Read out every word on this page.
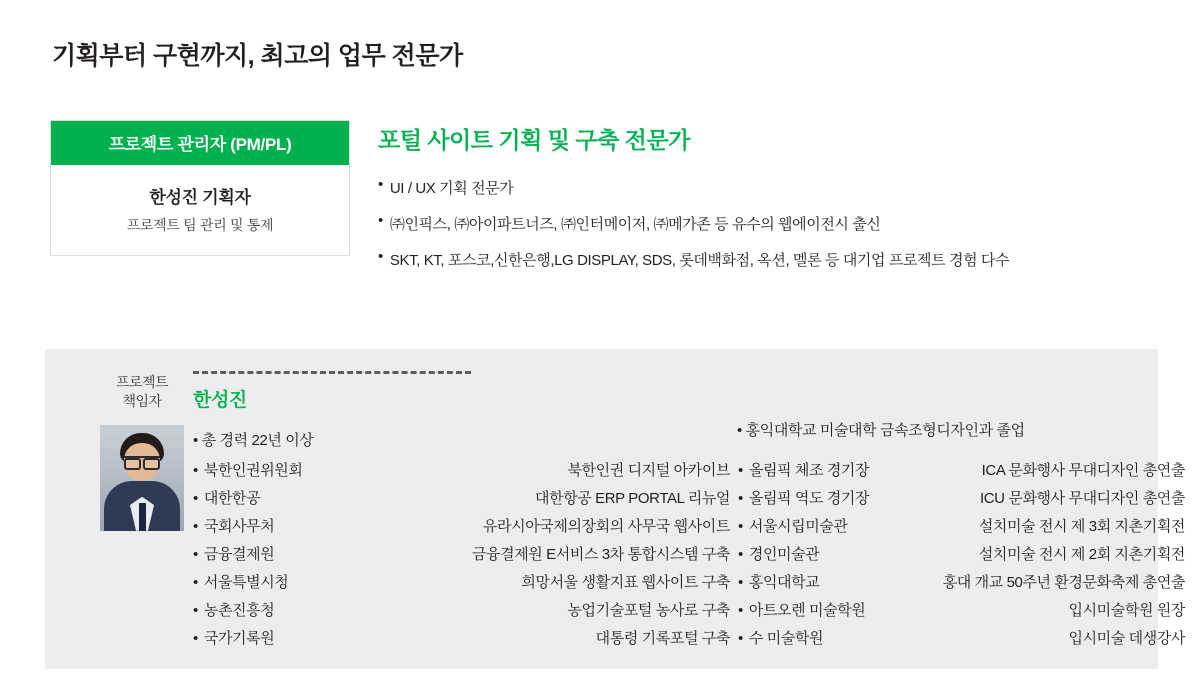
기획부터 구현까지, 최고의 업무 전문가
프로젝트 관리자 (PM/PL)
한성진 기획자
프로젝트 팀 관리 및 통제
포털 사이트 기획 및 구축 전문가
• UI / UX 기획 전문가
• ㈜인픽스, ㈜아이파트너즈, ㈜인터메이저, ㈜메가존 등 유수의 웹에이전시 출신
• SKT, KT, 포스코,신한은행,LG DISPLAY, SDS, 롯데백화점, 옥션, 멜론 등 대기업 프로젝트 경험 다수
프로젝트
책임자	한성진
• 총 경력 22년 이상
• 북한인권위원회
• 대한한공
• 국회사무처
• 금융결제원
• 서울특별시청
• 농촌진흥청
• 국가기록원
북한인권 디지털 아카이브
대한항공 ERP PORTAL 리뉴얼
유라시아국제의장회의 사무국 웹사이트
금융결제원 E서비스 3차 통합시스템 구축
희망서울 생활지표 웹사이트 구축
농업기술포털 농사로 구축
대통령 기록포털 구축
• 올림픽 체조 경기장
• 올림픽 역도 경기장
• 서울시립미술관
• 경인미술관
• 홍익대학교
• 아트오렌 미술학원
• 수 미술학원
ICA 문화행사 무대디자인 총연출
ICU 문화행사 무대디자인 총연출
설치미술 전시 제 3회 지촌기획전
설치미술 전시 제 2회 지촌기획전
홍대 개교 50주년 환경문화축제 총연출
입시미술학원 원장
입시미술 데생강사
• 홍익대학교 미술대학 금속조형디자인과 졸업
